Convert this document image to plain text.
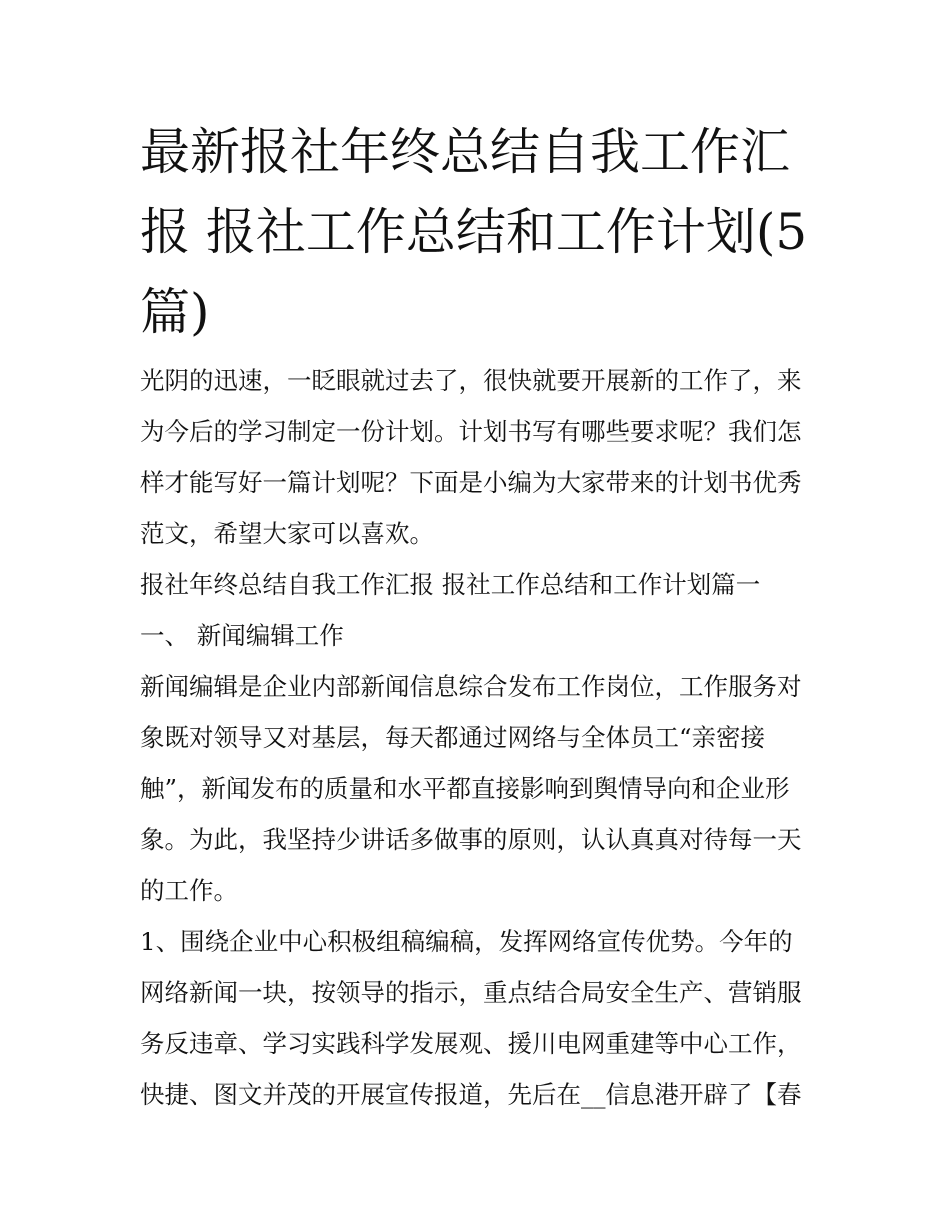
最新报社年终总结自我工作汇
报 报社工作总结和工作计划(5
篇)

光阴的迅速，一眨眼就过去了，很快就要开展新的工作了，来
为今后的学习制定一份计划。计划书写有哪些要求呢？我们怎
样才能写好一篇计划呢？下面是小编为大家带来的计划书优秀
范文，希望大家可以喜欢。

报社年终总结自我工作汇报 报社工作总结和工作计划篇一

一、 新闻编辑工作

新闻编辑是企业内部新闻信息综合发布工作岗位，工作服务对
象既对领导又对基层，每天都通过网络与全体员工“亲密接
触”，新闻发布的质量和水平都直接影响到舆情导向和企业形
象。为此，我坚持少讲话多做事的原则，认认真真对待每一天
的工作。

1、围绕企业中心积极组稿编稿，发挥网络宣传优势。今年的
网络新闻一块，按领导的指示，重点结合局安全生产、营销服
务反违章、学习实践科学发展观、援川电网重建等中心工作，
快捷、图文并茂的开展宣传报道，先后在__信息港开辟了【春
